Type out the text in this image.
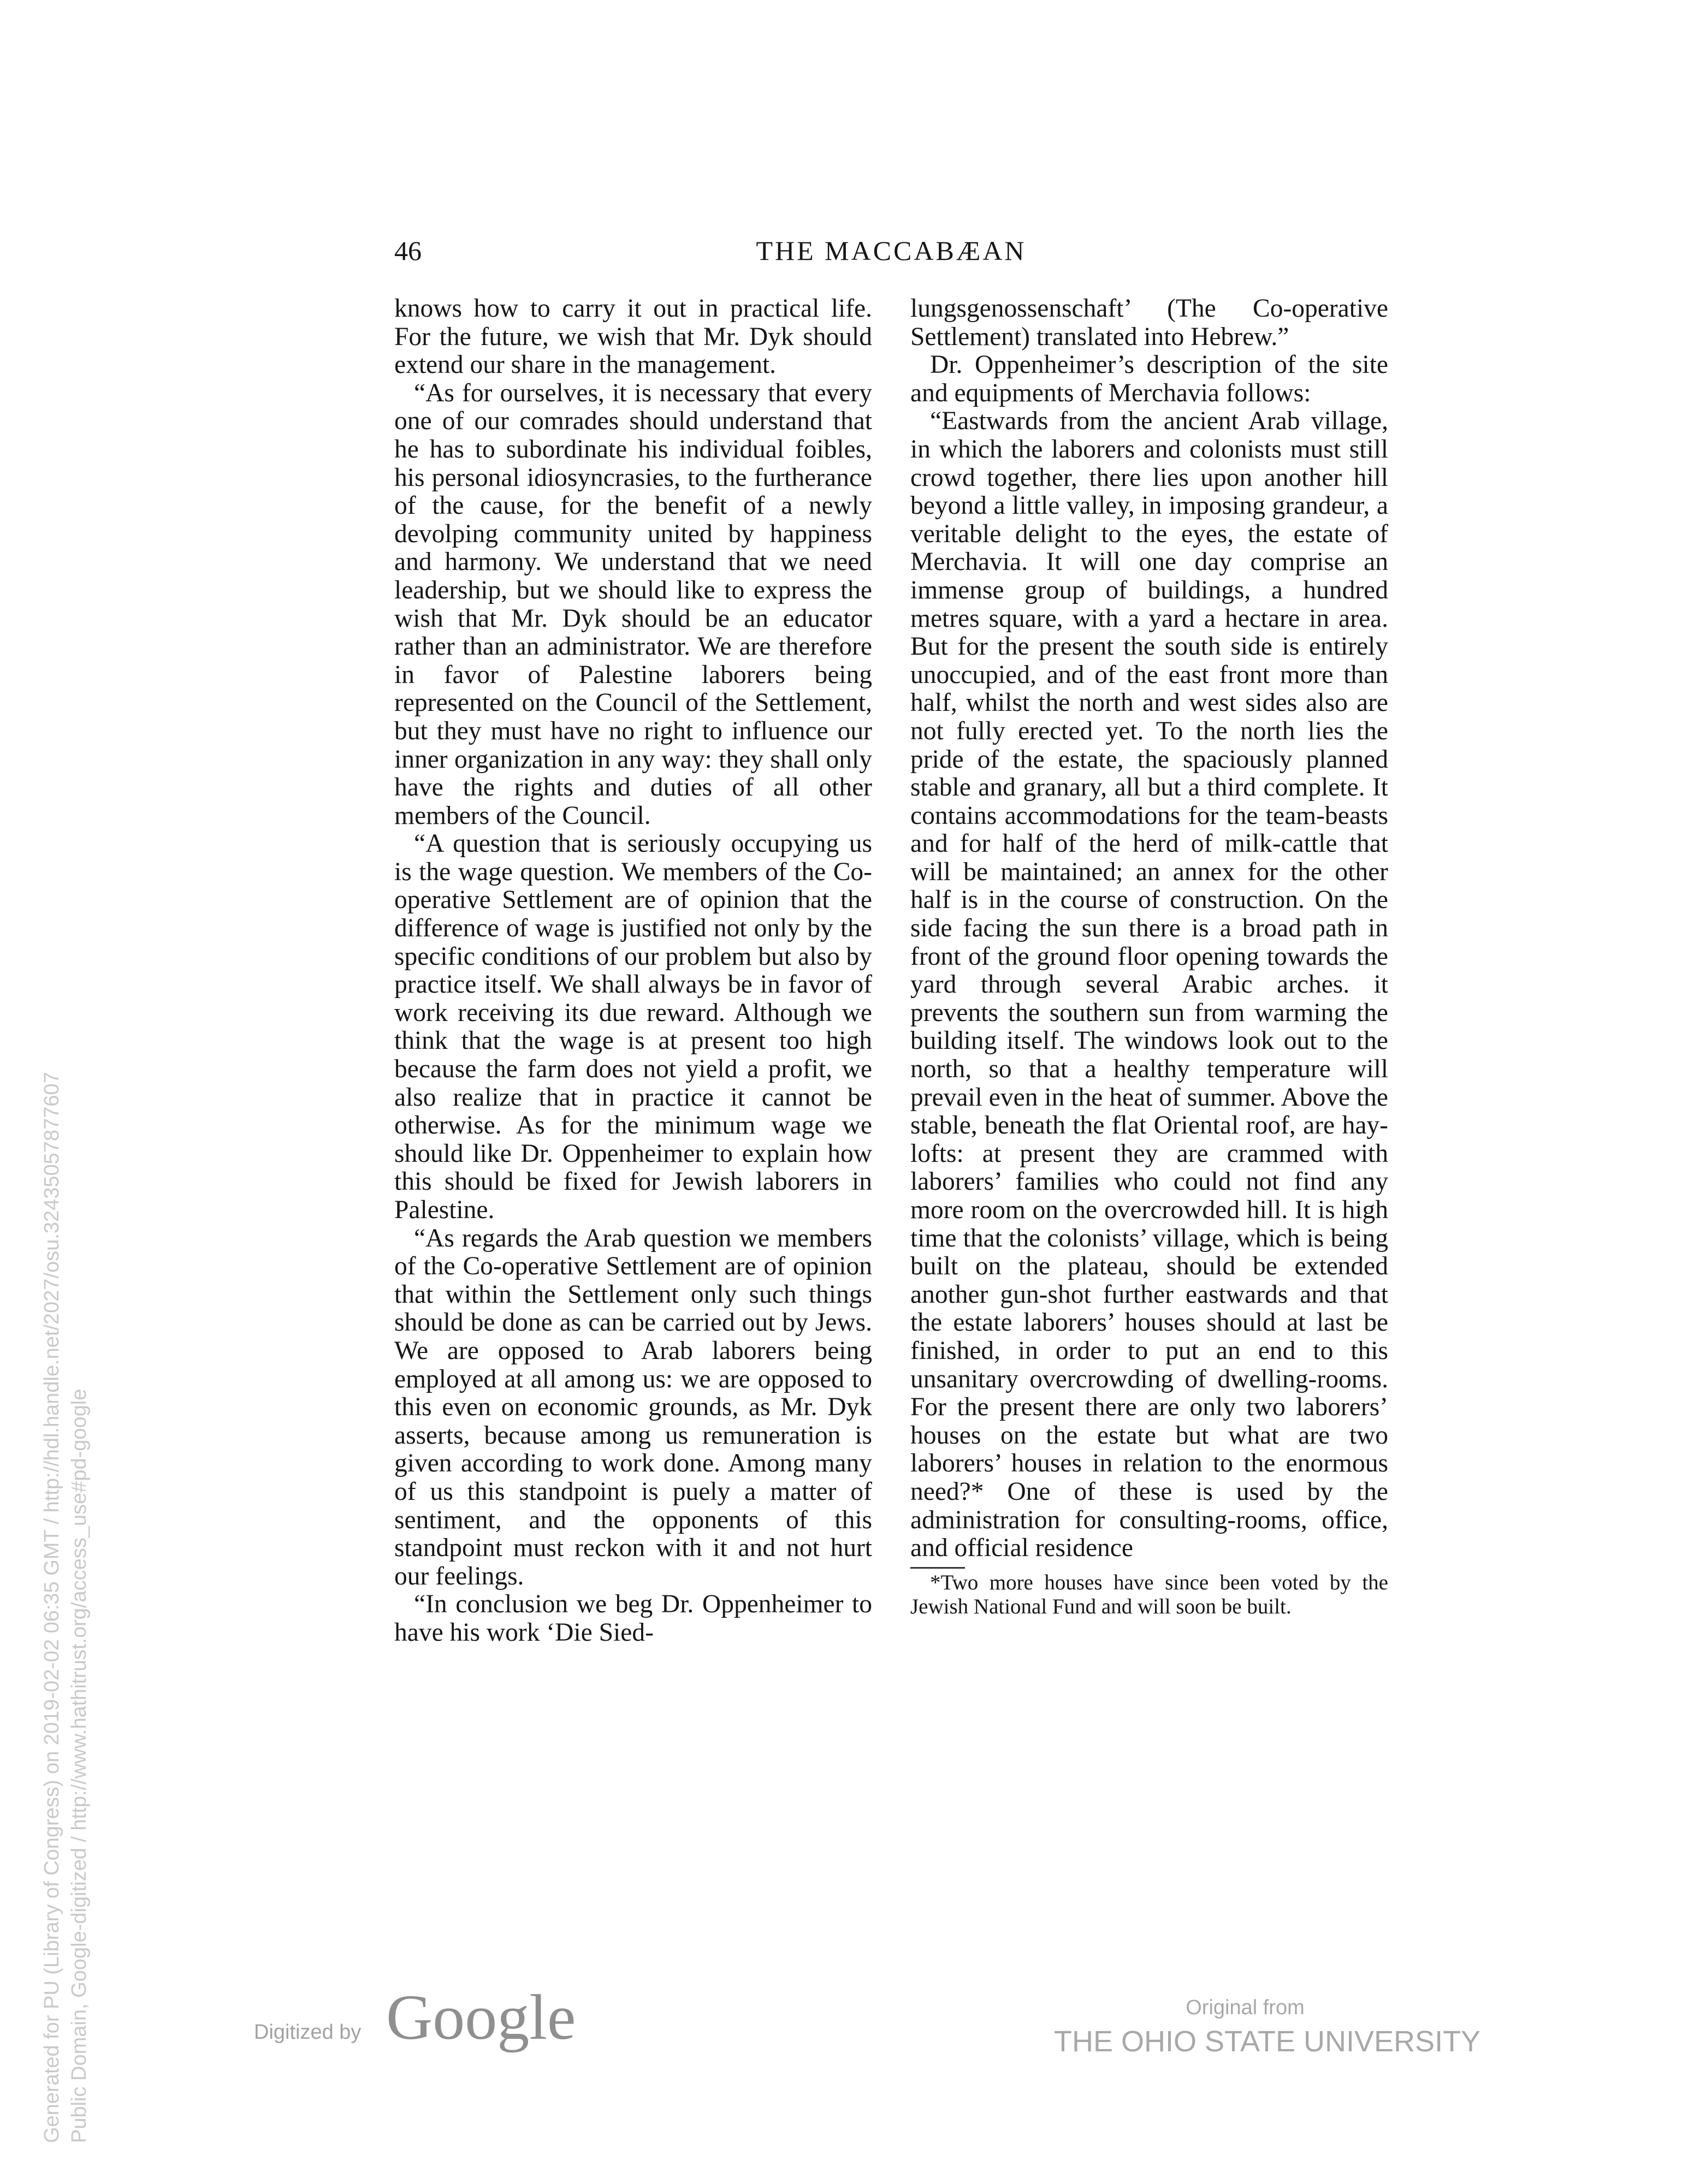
46	THE MACCABÆAN

knows how to carry it out in practical life. For the future, we wish that Mr. Dyk should extend our share in the management.

“As for ourselves, it is necessary that every one of our comrades should understand that he has to subordinate his individual foibles, his personal idiosyncrasies, to the furtherance of the cause, for the benefit of a newly devolping community united by happiness and harmony. We understand that we need leadership, but we should like to express the wish that Mr. Dyk should be an educator rather than an administrator. We are therefore in favor of Palestine laborers being represented on the Council of the Settlement, but they must have no right to influence our inner organization in any way: they shall only have the rights and duties of all other members of the Council.

“A question that is seriously occupying us is the wage question. We members of the Co-operative Settlement are of opinion that the difference of wage is justified not only by the specific conditions of our problem but also by practice itself. We shall always be in favor of work receiving its due reward. Although we think that the wage is at present too high because the farm does not yield a profit, we also realize that in practice it cannot be otherwise. As for the minimum wage we should like Dr. Oppenheimer to explain how this should be fixed for Jewish laborers in Palestine.

“As regards the Arab question we members of the Co-operative Settlement are of opinion that within the Settlement only such things should be done as can be carried out by Jews. We are opposed to Arab laborers being employed at all among us: we are opposed to this even on economic grounds, as Mr. Dyk asserts, because among us remuneration is given according to work done. Among many of us this standpoint is puely a matter of sentiment, and the opponents of this standpoint must reckon with it and not hurt our feelings.

“In conclusion we beg Dr. Oppenheimer to have his work ‘Die Sied-

lungsgenossenschaft’ (The Co-operative Settlement) translated into Hebrew.”

Dr. Oppenheimer’s description of the site and equipments of Merchavia follows:

“Eastwards from the ancient Arab village, in which the laborers and colonists must still crowd together, there lies upon another hill beyond a little valley, in imposing grandeur, a veritable delight to the eyes, the estate of Merchavia. It will one day comprise an immense group of buildings, a hundred metres square, with a yard a hectare in area. But for the present the south side is entirely unoccupied, and of the east front more than half, whilst the north and west sides also are not fully erected yet. To the north lies the pride of the estate, the spaciously planned stable and granary, all but a third complete. It contains accommodations for the team-beasts and for half of the herd of milk-cattle that will be maintained; an annex for the other half is in the course of construction. On the side facing the sun there is a broad path in front of the ground floor opening towards the yard through several Arabic arches. it prevents the southern sun from warming the building itself. The windows look out to the north, so that a healthy temperature will prevail even in the heat of summer. Above the stable, beneath the flat Oriental roof, are hay-lofts: at present they are crammed with laborers’ families who could not find any more room on the overcrowded hill. It is high time that the colonists’ village, which is being built on the plateau, should be extended another gun-shot further eastwards and that the estate laborers’ houses should at last be finished, in order to put an end to this unsanitary overcrowding of dwelling-rooms. For the present there are only two laborers’ houses on the estate but what are two laborers’ houses in relation to the enormous need?* One of these is used by the administration for consulting-rooms, office, and official residence

*Two more houses have since been voted by the Jewish National Fund and will soon be built.

Generated for PU (Library of Congress) on 2019-02-02 06:35 GMT / http://hdl.handle.net/2027/osu.32435057877607 Public Domain, Google-digitized / http://www.hathitrust.org/access_use#pd-google	Digitized by Google	Original from
THE OHIO STATE UNIVERSITY
